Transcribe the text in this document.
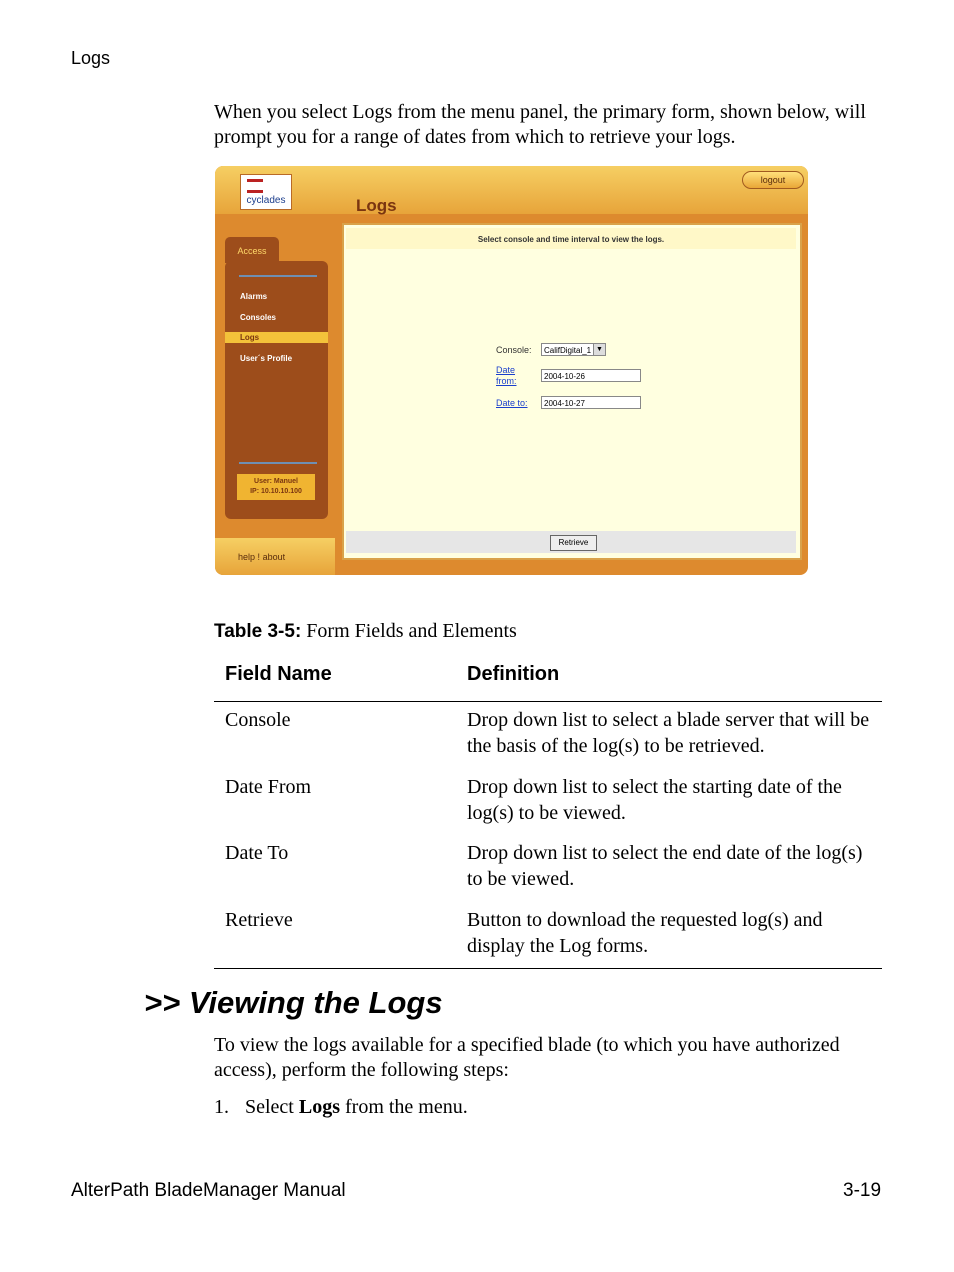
Logs

When you select Logs from the menu panel, the primary form, shown below, will prompt you for a range of dates from which to retrieve your logs.

cyclades
logout
Logs
Access
Alarms
Consoles
Logs
User´s Profile
User: Manuel
IP: 10.10.10.100
help ! about
Select console and time interval to view the logs.
Console:	CalifDigital_1 ▼
Date from:	2004-10-26
Date to:	2004-10-27
Retrieve
Table 3-5: Form Fields and Elements
Field Name	Definition
Console	Drop down list to select a blade server that will be the basis of the log(s) to be retrieved.
Date From	Drop down list to select the starting date of the log(s) to be viewed.
Date To	Drop down list to select the end date of the log(s) to be viewed.
Retrieve	Button to download the requested log(s) and display the Log forms.
>> Viewing the Logs

To view the logs available for a specified blade (to which you have authorized access), perform the following steps:

1. Select Logs from the menu.
AlterPath BladeManager Manual	3-19
